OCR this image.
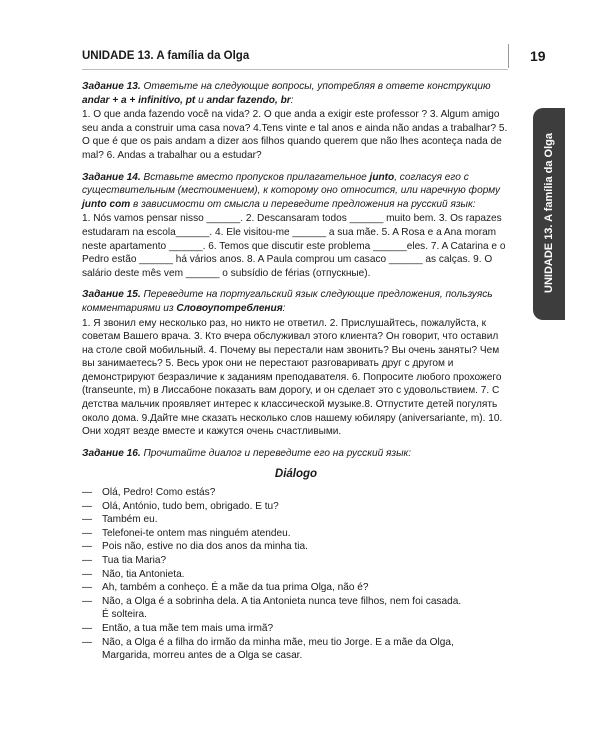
UNIDADE 13. A família da Olga	19
UNIDADE 13. A família da Olga
Задание 13. Ответьте на следующие вопросы, употребляя в ответе конструкцию andar + a + infinitivo, pt и andar fazendo, br:
1. O que anda fazendo você na vida? 2. O que anda a exigir este professor ? 3. Algum amigo seu anda a construir uma casa nova? 4.Tens vinte e tal anos e ainda não andas a trabalhar? 5. O que é que os pais andam a dizer aos filhos quando querem que não lhes aconteça nada de mal? 6. Andas a trabalhar ou a estudar?
Задание 14. Вставьте вместо пропусков прилагательное junto, согласуя его с существительным (местоимением), к которому оно относится, или наречную форму junto com в зависимости от смысла и переведите предложения на русский язык:
1. Nós vamos pensar nisso ______. 2. Descansaram todos ______ muito bem. 3. Os rapazes estudaram na escola______. 4. Ele visitou-me ______ a sua mãe. 5. A Rosa e a Ana moram neste apartamento ______. 6. Temos que discutir este problema ______eles. 7. A Catarina e o Pedro estão ______ há vários anos. 8. A Paula comprou um casaco ______ as calças. 9. O salário deste mês vem ______ o subsídio de férias (отпускные).
Задание 15. Переведите на португальский язык следующие предложения, пользуясь комментариями из Словоупотребления:
1. Я звонил ему несколько раз, но никто не ответил. 2. Прислушайтесь, пожалуйста, к советам Вашего врача. 3. Кто вчера обслуживал этого клиента? Он говорит, что оставил на столе свой мобильный. 4. Почему вы перестали нам звонить? Вы очень заняты? Чем вы занимаетесь? 5. Весь урок они не перестают разговаривать друг с другом и демонстрируют безразличие к заданиям преподавателя. 6. Попросите любого прохожего (transeunte, m) в Лиссабоне показать вам дорогу, и он сделает это с удовольствием. 7. С детства мальчик проявляет интерес к классической музыке.8. Отпустите детей погулять около дома. 9.Дайте мне сказать несколько слов нашему юбиляру (aniversariante, m). 10. Они ходят везде вместе и кажутся очень счастливыми.
Задание 16. Прочитайте диалог и переведите его на русский язык:
Diálogo
— Olá, Pedro! Como estás?
— Olá, António, tudo bem, obrigado. E tu?
— Também eu.
— Telefonei-te ontem mas ninguém atendeu.
— Pois não, estive no dia dos anos da minha tia.
— Tua tia Maria?
— Não, tia Antonieta.
— Ah, também a conheço. É a mãe da tua prima Olga, não é?
— Não, a Olga é a sobrinha dela. A tia Antonieta nunca teve filhos, nem foi casada.
É solteira.
— Então, a tua mãe tem mais uma irmã?
— Não, a Olga é a filha do irmão da minha mãe, meu tio Jorge. E a mãe da Olga,
Margarida, morreu antes de a Olga se casar.
